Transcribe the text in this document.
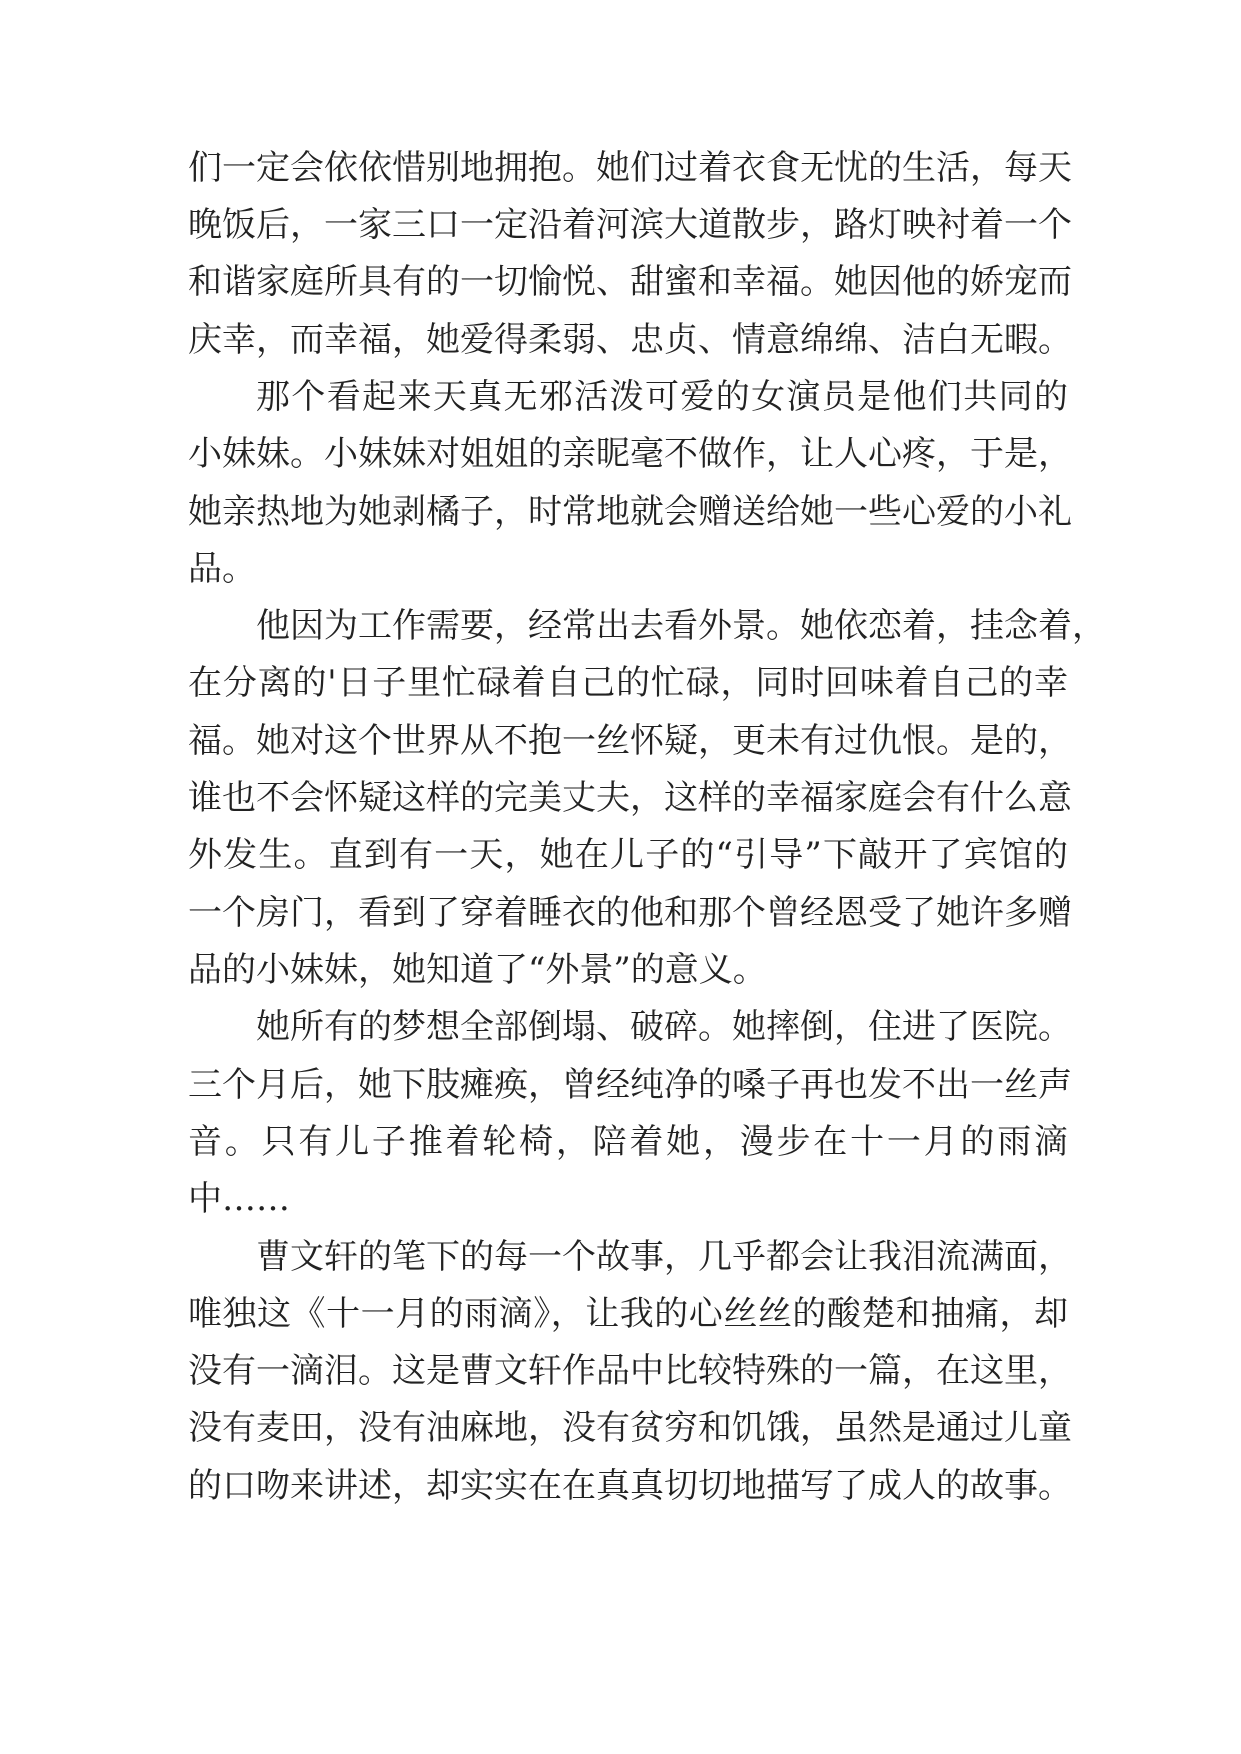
们一定会依依惜别地拥抱。她们过着衣食无忧的生活，每天
晚饭后，一家三口一定沿着河滨大道散步，路灯映衬着一个
和谐家庭所具有的一切愉悦、甜蜜和幸福。她因他的娇宠而
庆幸，而幸福，她爱得柔弱、忠贞、情意绵绵、洁白无暇。
那个看起来天真无邪活泼可爱的女演员是他们共同的
小妹妹。小妹妹对姐姐的亲昵毫不做作，让人心疼，于是，
她亲热地为她剥橘子，时常地就会赠送给她一些心爱的小礼
品。
他因为工作需要，经常出去看外景。她依恋着，挂念着，
在分离的'日子里忙碌着自己的忙碌，同时回味着自己的幸
福。她对这个世界从不抱一丝怀疑，更未有过仇恨。是的，
谁也不会怀疑这样的完美丈夫，这样的幸福家庭会有什么意
外发生。直到有一天，她在儿子的“引导”下敲开了宾馆的
一个房门，看到了穿着睡衣的他和那个曾经恩受了她许多赠
品的小妹妹，她知道了“外景”的意义。
她所有的梦想全部倒塌、破碎。她摔倒，住进了医院。
三个月后，她下肢瘫痪，曾经纯净的嗓子再也发不出一丝声
音。只有儿子推着轮椅，陪着她，漫步在十一月的雨滴
中……
曹文轩的笔下的每一个故事，几乎都会让我泪流满面，
唯独这《十一月的雨滴》，让我的心丝丝的酸楚和抽痛，却
没有一滴泪。这是曹文轩作品中比较特殊的一篇，在这里，
没有麦田，没有油麻地，没有贫穷和饥饿，虽然是通过儿童
的口吻来讲述，却实实在在真真切切地描写了成人的故事。
